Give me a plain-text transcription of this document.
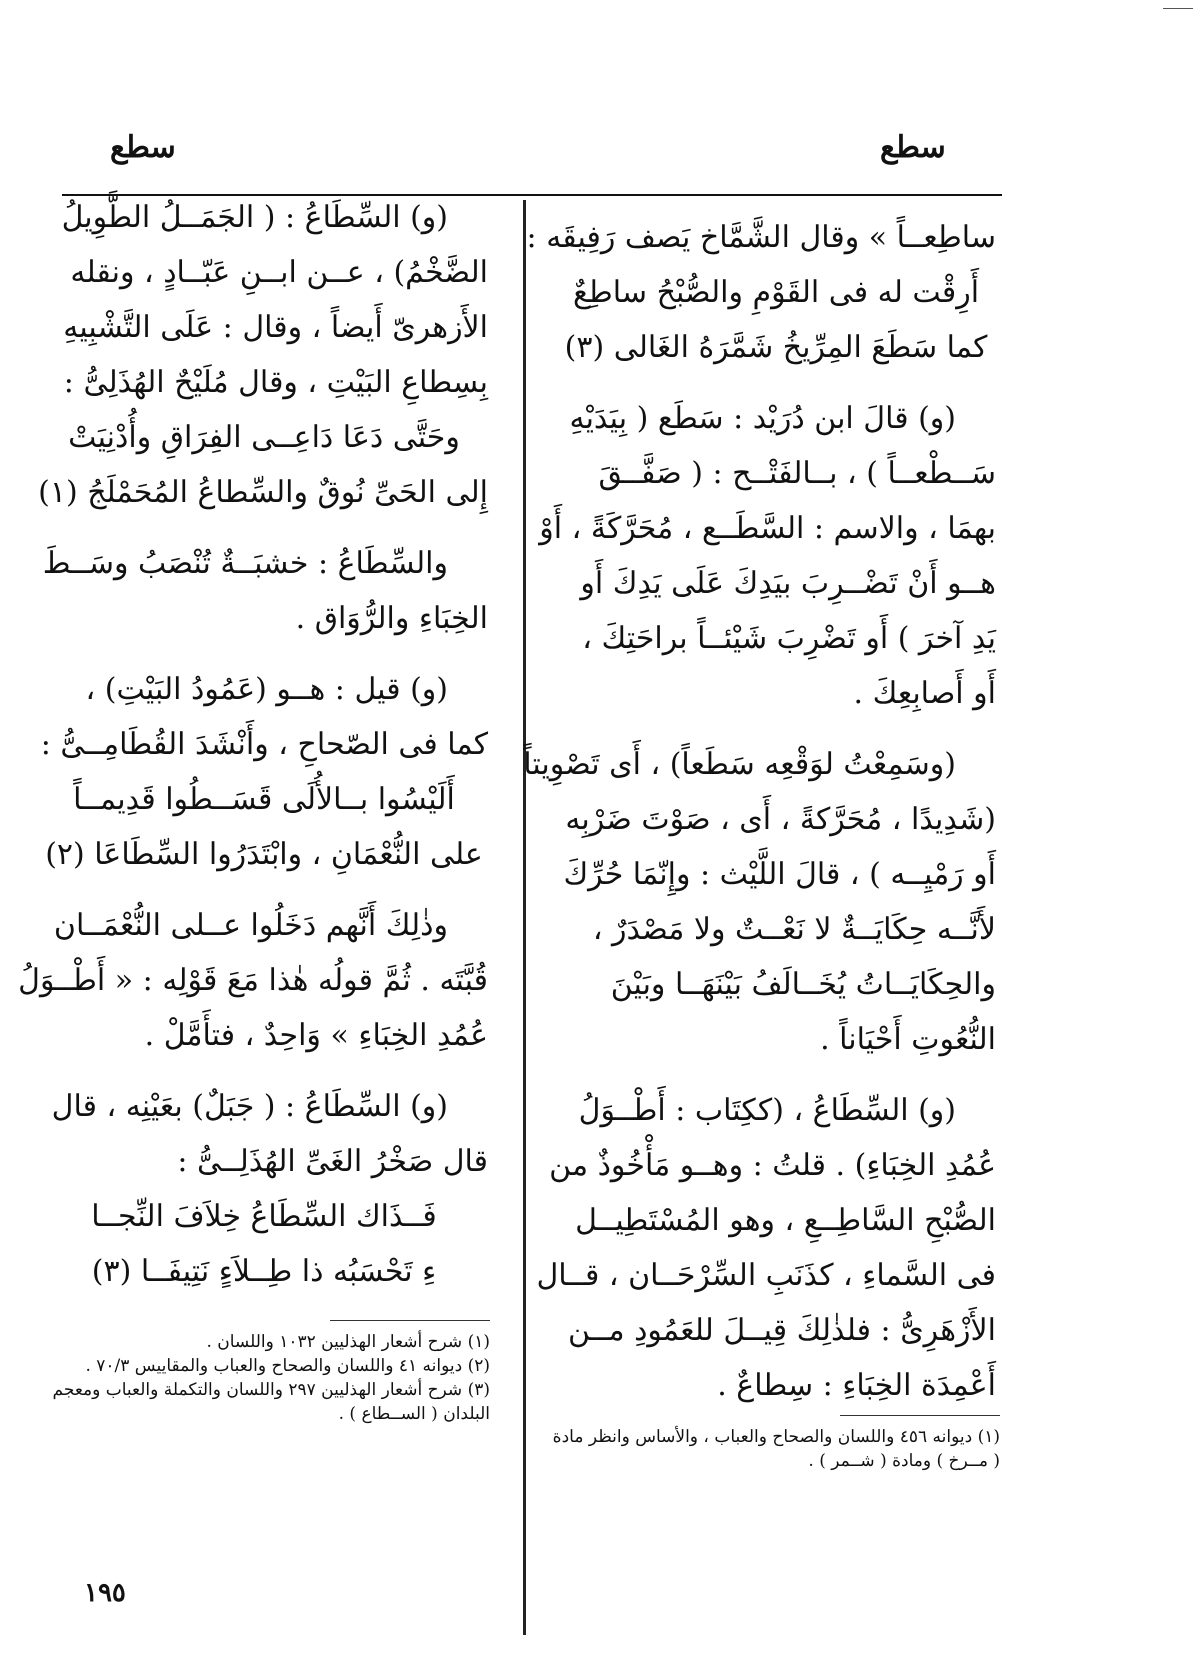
سطع
سطع
ساطِعــاً » وقال الشَّمَّاخ يَصف رَفِيقَه :
أَرِقْت له فى القَوْمِ والصُّبْحُ ساطِعٌ
كما سَطَعَ المِرِّيخُ شَمَّرَهُ الغَالى (٣)
(و) قالَ ابن دُرَيْد : سَطَع ( بِيَدَيْهِ
سَــطْعــاً ) ، بــالفَتْــح : ( صَفَّــقَ
بهمَا ، والاسم : السَّطَــع ، مُحَرَّكَةً ، أَوْ
هــو أَنْ تَضْــرِبَ بيَدِكَ عَلَى يَدِكَ أَو
يَدِ آخرَ ) أَو تَضْرِبَ شَيْئــاً براحَتِكَ ،
أَو أَصابِعِكَ .
(وسَمِعْتُ لوَقْعِه سَطَعاً) ، أَى تَصْوِيتاً
(شَدِيدًا ، مُحَرَّكةً ، أَى ، صَوْتَ ضَرْبِه
أَو رَمْيِــه ) ، قالَ اللَّيْث : وإِنّمَا حُرِّكَ
لأَنَّــه حِكَايَــةٌ لا نَعْــتٌ ولا مَصْدَرٌ ،
والحِكَايَــاتُ يُخَــالَفُ بَيْنَهَــا وبَيْنَ
النُّعُوتِ أَحْيَاناً .
(و) السِّطَاعُ ، (ككِتَاب : أَطْــوَلُ
عُمُدِ الخِبَاءِ) . قلتُ : وهــو مَأْخُوذٌ من
الصُّبْحِ السَّاطِــعِ ، وهو المُسْتَطِيــل
فى السَّماءِ ، كذَنَبِ السِّرْحَــان ، قــال
الأَزْهَرِىُّ : فلذٰلِكَ قِيــلَ للعَمُودِ مــن
أَعْمِدَة الخِبَاءِ : سِطاعٌ .
(و) السِّطَاعُ : ( الجَمَــلُ الطَّوِيلُ
الضَّخْمُ) ، عــن ابــنِ عَبّــادٍ ، ونقله
الأَزهرىّ أَيضاً ، وقال : عَلَى التَّشْبِيهِ
بِسِطاعِ البَيْتِ ، وقال مُلَيْحٌ الهُذَلِىُّ :
وحَتَّى دَعَا دَاعِــى الفِرَاقِ وأُدْنِيَتْ
إِلى الحَىِّ نُوقٌ والسِّطاعُ المُحَمْلَجُ (١)
والسِّطَاعُ : خشبَــةٌ تُنْصَبُ وسَــطَ
الخِبَاءِ والرُّوَاق .
(و) قيل : هــو (عَمُودُ البَيْتِ) ،
كما فى الصّحاحِ ، وأَنْشَدَ القُطَامِــىُّ :
أَلَيْسُوا بــالأُلَى قَسَــطُوا قَدِيمــاً
على النُّعْمَانِ ، وابْتَدَرُوا السِّطَاعَا (٢)
وذٰلِكَ أَنَّهم دَخَلُوا عــلى النُّعْمَــان
قُبَّتَه . ثُمَّ قولُه هٰذا مَعَ قَوْلِه : « أَطْــوَلُ
عُمُدِ الخِبَاءِ » وَاحِدٌ ، فتأَمَّلْ .
(و) السِّطَاعُ : ( جَبَلٌ) بعَيْنِه ، قال
قال صَخْرُ الغَىِّ الهُذَلِــىُّ :
فَــذَاك السِّطَاعُ خِلاَفَ النِّجــا
ءِ تَحْسَبُه ذا طِــلاَءٍ نَتِيفَــا (٣)
(١) شرح أشعار الهذليين ١٠٣٢ واللسان .
(٢) ديوانه ٤١ واللسان والصحاح والعباب والمقاييس ٧٠/٣ .
(٣) شرح أشعار الهذليين ٢٩٧ واللسان والتكملة والعباب ومعجم البلدان ( الســطاع ) .
(١) ديوانه ٤٥٦ واللسان والصحاح والعباب ، والأساس وانظر مادة ( مــرخ ) ومادة ( شــمر ) .
١٩٥
